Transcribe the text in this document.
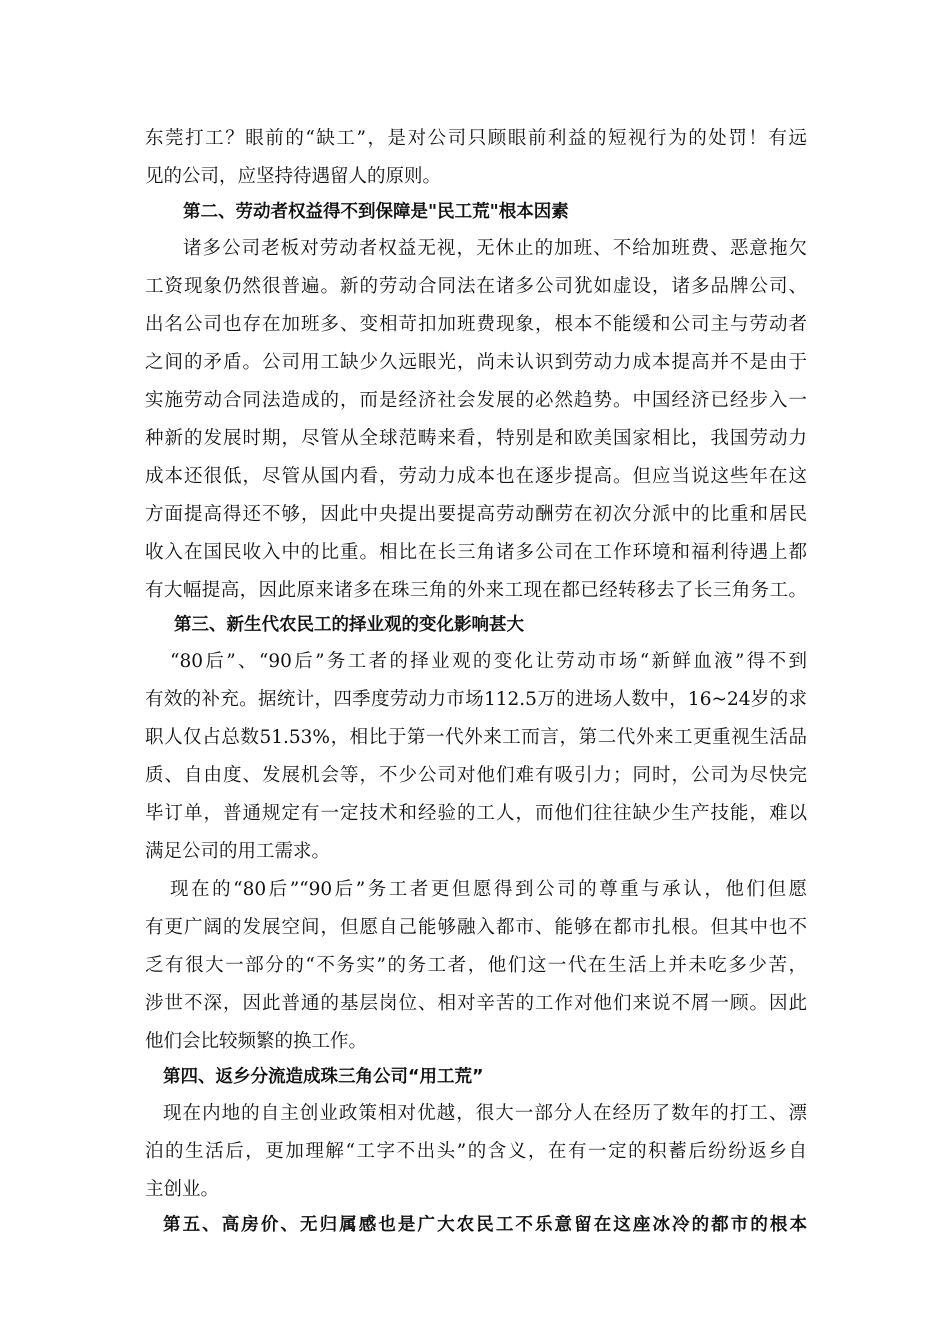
东莞打工？眼前的“缺工”，是对公司只顾眼前利益的短视行为的处罚！有远
见的公司，应坚持待遇留人的原则。
第二、劳动者权益得不到保障是"民工荒"根本因素
诸多公司老板对劳动者权益无视，无休止的加班、不给加班费、恶意拖欠
工资现象仍然很普遍。新的劳动合同法在诸多公司犹如虚设，诸多品牌公司、
出名公司也存在加班多、变相苛扣加班费现象，根本不能缓和公司主与劳动者
之间的矛盾。公司用工缺少久远眼光，尚未认识到劳动力成本提高并不是由于
实施劳动合同法造成的，而是经济社会发展的必然趋势。中国经济已经步入一
种新的发展时期，尽管从全球范畴来看，特别是和欧美国家相比，我国劳动力
成本还很低，尽管从国内看，劳动力成本也在逐步提高。但应当说这些年在这
方面提高得还不够，因此中央提出要提高劳动酬劳在初次分派中的比重和居民
收入在国民收入中的比重。相比在长三角诸多公司在工作环境和福利待遇上都
有大幅提高，因此原来诸多在珠三角的外来工现在都已经转移去了长三角务工。
第三、新生代农民工的择业观的变化影响甚大
“80后”、“90后”务工者的择业观的变化让劳动市场“新鲜血液”得不到
有效的补充。据统计，四季度劳动力市场112.5万的进场人数中，16~24岁的求
职人仅占总数51.53%，相比于第一代外来工而言，第二代外来工更重视生活品
质、自由度、发展机会等，不少公司对他们难有吸引力；同时，公司为尽快完
毕订单，普通规定有一定技术和经验的工人，而他们往往缺少生产技能，难以
满足公司的用工需求。
现在的“80后”“90后”务工者更但愿得到公司的尊重与承认，他们但愿
有更广阔的发展空间，但愿自己能够融入都市、能够在都市扎根。但其中也不
乏有很大一部分的“不务实”的务工者，他们这一代在生活上并未吃多少苦，
涉世不深，因此普通的基层岗位、相对辛苦的工作对他们来说不屑一顾。因此
他们会比较频繁的换工作。
第四、返乡分流造成珠三角公司“用工荒”
现在内地的自主创业政策相对优越，很大一部分人在经历了数年的打工、漂
泊的生活后，更加理解“工字不出头”的含义，在有一定的积蓄后纷纷返乡自
主创业。
第五、高房价、无归属感也是广大农民工不乐意留在这座冰冷的都市的根本
